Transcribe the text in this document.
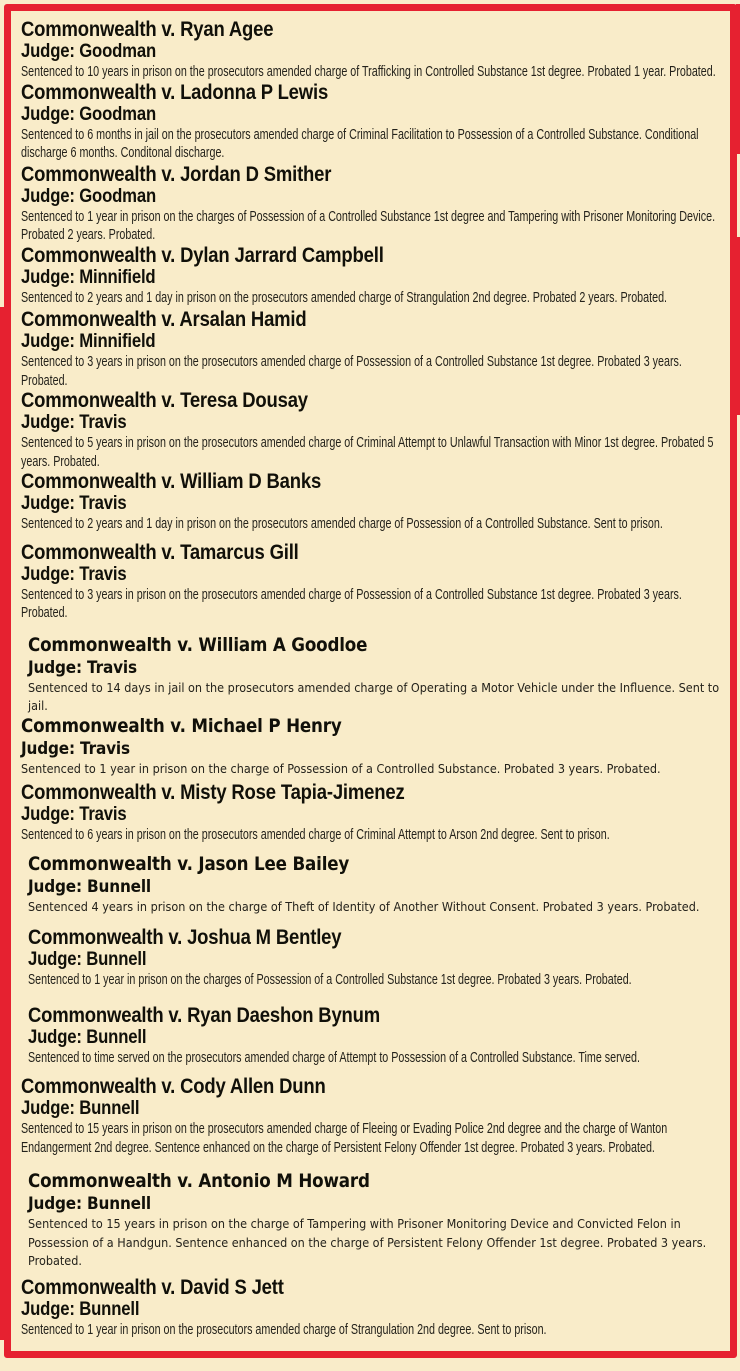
Commonwealth v. Ryan Agee
Judge: Goodman

Sentenced to 10 years in prison on the prosecutors amended charge of Trafficking in Controlled Substance 1st degree. Probated 1 year. Probated.

Commonwealth v. Ladonna P Lewis
Judge: Goodman

Sentenced to 6 months in jail on the prosecutors amended charge of Criminal Facilitation to Possession of a Controlled Substance. Conditional discharge 6 months. Conditonal discharge.

Commonwealth v. Jordan D Smither
Judge: Goodman

Sentenced to 1 year in prison on the charges of Possession of a Controlled Substance 1st degree and Tampering with Prisoner Monitoring Device. Probated 2 years. Probated.

Commonwealth v. Dylan Jarrard Campbell
Judge: Minnifield

Sentenced to 2 years and 1 day in prison on the prosecutors amended charge of Strangulation 2nd degree. Probated 2 years. Probated.

Commonwealth v. Arsalan Hamid
Judge: Minnifield

Sentenced to 3 years in prison on the prosecutors amended charge of Possession of a Controlled Substance 1st degree. Probated 3 years. Probated.

Commonwealth v. Teresa Dousay
Judge: Travis

Sentenced to 5 years in prison on the prosecutors amended charge of Criminal Attempt to Unlawful Transaction with Minor 1st degree. Probated 5 years. Probated.

Commonwealth v. William D Banks
Judge: Travis

Sentenced to 2 years and 1 day in prison on the prosecutors amended charge of Possession of a Controlled Substance. Sent to prison.

Commonwealth v. Tamarcus Gill
Judge: Travis

Sentenced to 3 years in prison on the prosecutors amended charge of Possession of a Controlled Substance 1st degree. Probated 3 years. Probated.

Commonwealth v. William A Goodloe
Judge: Travis

Sentenced to 14 days in jail on the prosecutors amended charge of Operating a Motor Vehicle under the Influence. Sent to jail.

Commonwealth v. Michael P Henry
Judge: Travis

Sentenced to 1 year in prison on the charge of Possession of a Controlled Substance. Probated 3 years. Probated.

Commonwealth v. Misty Rose Tapia-Jimenez
Judge: Travis

Sentenced to 6 years in prison on the prosecutors amended charge of Criminal Attempt to Arson 2nd degree. Sent to prison.

Commonwealth v. Jason Lee Bailey
Judge: Bunnell

Sentenced 4 years in prison on the charge of Theft of Identity of Another Without Consent. Probated 3 years. Probated.

Commonwealth v. Joshua M Bentley
Judge: Bunnell

Sentenced to 1 year in prison on the charges of Possession of a Controlled Substance 1st degree. Probated 3 years. Probated.

Commonwealth v. Ryan Daeshon Bynum
Judge: Bunnell

Sentenced to time served on the prosecutors amended charge of Attempt to Possession of a Controlled Substance. Time served.

Commonwealth v. Cody Allen Dunn
Judge: Bunnell

Sentenced to 15 years in prison on the prosecutors amended charge of Fleeing or Evading Police 2nd degree and the charge of Wanton Endangerment 2nd degree. Sentence enhanced on the charge of Persistent Felony Offender 1st degree. Probated 3 years. Probated.

Commonwealth v. Antonio M Howard
Judge: Bunnell

Sentenced to 15 years in prison on the charge of Tampering with Prisoner Monitoring Device and Convicted Felon in Possession of a Handgun. Sentence enhanced on the charge of Persistent Felony Offender 1st degree. Probated 3 years. Probated.

Commonwealth v. David S Jett
Judge: Bunnell

Sentenced to 1 year in prison on the prosecutors amended charge of Strangulation 2nd degree. Sent to prison.
